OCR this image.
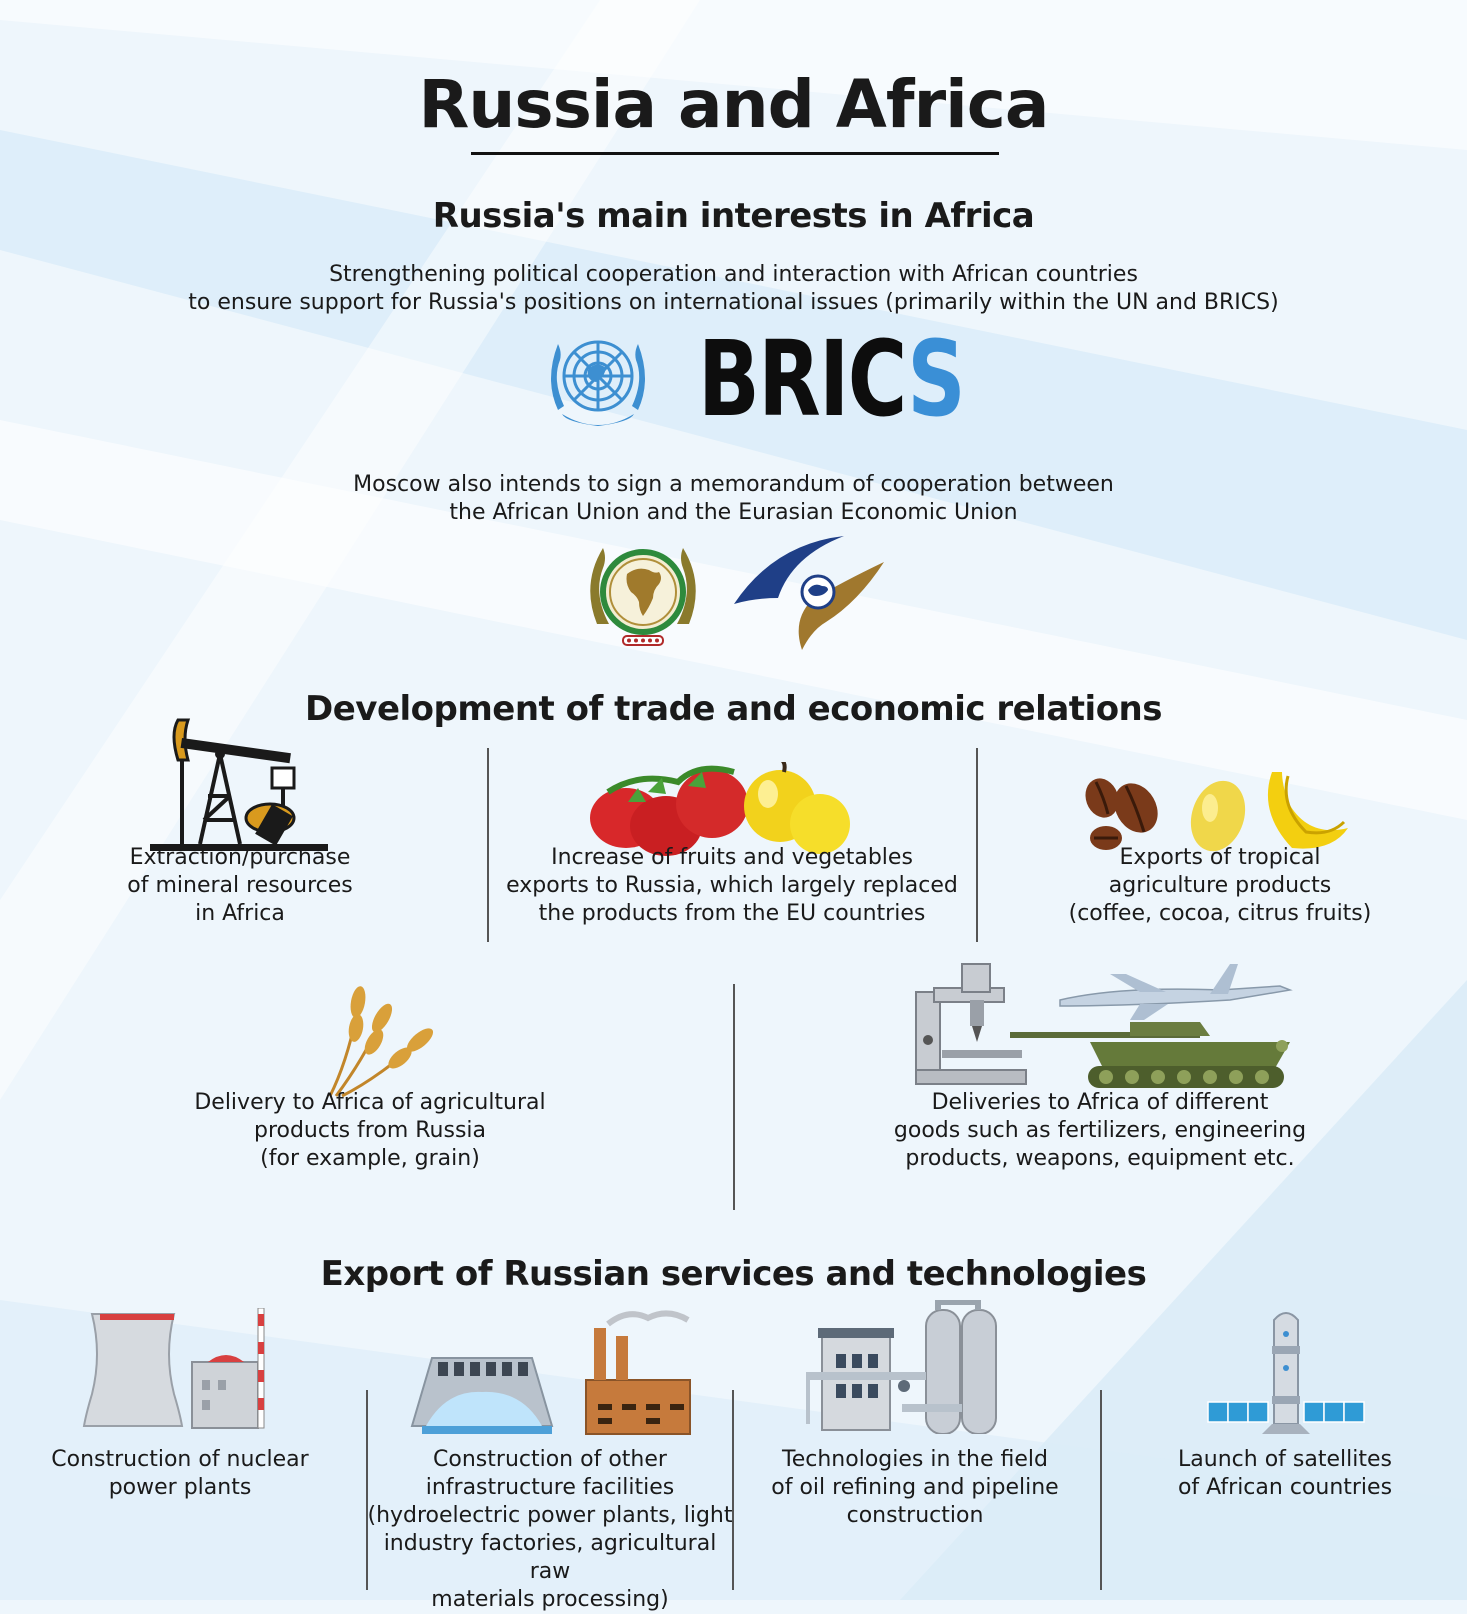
Russia and Africa
Russia's main interests in Africa
Strengthening political cooperation and interaction with African countries
to ensure support for Russia's positions on international issues (primarily within the UN and BRICS)
BRICS
Moscow also intends to sign a memorandum of cooperation between
the African Union and the Eurasian Economic Union
Development of trade and economic relations
Extraction/purchase
of mineral resources
in Africa
Increase of fruits and vegetables
exports to Russia, which largely replaced
the products from the EU countries
Exports of tropical
agriculture products
(coffee, cocoa, citrus fruits)
Delivery to Africa of agricultural
products from Russia
(for example, grain)
Deliveries to Africa of different
goods such as fertilizers, engineering
products, weapons, equipment etc.
Export of Russian services and technologies
Construction of nuclear
power plants
Construction of other
infrastructure facilities
(hydroelectric power plants, light
industry factories, agricultural raw
materials processing)
Technologies in the field
of oil refining and pipeline
construction
Launch of satellites
of African countries
